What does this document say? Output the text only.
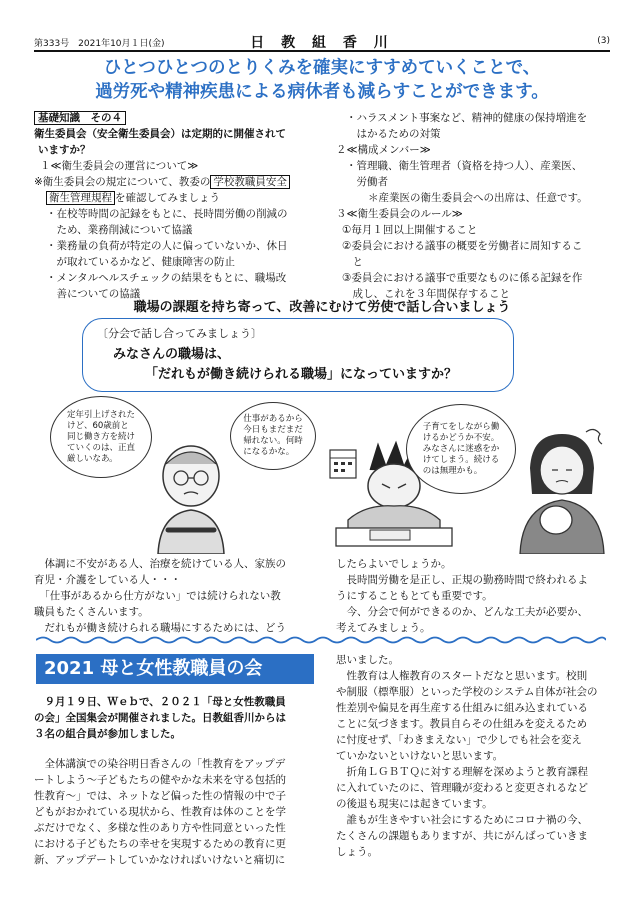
第333号　2021年10月１日(金)	日 教 組 香 川	(3)
ひとつひとつのとりくみを確実にすすめていくことで、
過労死や精神疾患による病休者も減らすことができます。
基礎知識　その４
衛生委員会（安全衛生委員会）は定期的に開催されて
いますか？
１≪衛生委員会の運営について≫
※衛生委員会の規定について、教委の 学校教職員安全
衛生管理規程 を確認してみましょう
・在校等時間の記録をもとに、長時間労働の削減の
　ため、業務削減について協議
・業務量の負荷が特定の人に偏っていないか、休日
　が取れているかなど、健康障害の防止
・メンタルヘルスチェックの結果をもとに、職場改
　善についての協議
・ハラスメント事案など、精神的健康の保持増進を
　はかるための対策
２≪構成メンバー≫
・管理職、衛生管理者（資格を持つ人）、産業医、
　労働者
＊産業医の衛生委員会への出席は、任意です。
３≪衛生委員会のルール≫
①毎月１回以上開催すること
②委員会における議事の概要を労働者に周知するこ
　と
③委員会における議事で重要なものに係る記録を作
　成し、これを３年間保存すること
職場の課題を持ち寄って、改善にむけて労使で話し合いましょう
〔分会で話し合ってみましょう〕
みなさんの職場は、
「だれもが働き続けられる職場」になっていますか？
定年引上げされた
けど、60歳前と
同じ働き方を続け
ていくのは、正直
厳しいなあ。
仕事があるから
今日もまだまだ
帰れない。何時
になるかな。
子育てをしながら働
けるかどうか不安。
みなさんに迷惑をか
けてしまう。続ける
のは無理かも。
　体調に不安がある人、治療を続けている人、家族の
育児・介護をしている人・・・
　「仕事があるから仕方がない」では続けられない教
職員もたくさんいます。
　だれもが働き続けられる職場にするためには、どう
したらよいでしょうか。
　長時間労働を是正し、正規の勤務時間で終われるよ
うにすることもとても重要です。
　今、分会で何ができるのか、どんな工夫が必要か、
考えてみましょう。
2021 母と女性教職員の会
　９月１９日、Ｗｅｂで、２０２１「母と女性教職員
の会」全国集会が開催されました。日教組香川からは
３名の組合員が参加しました。
　全体講演での染谷明日香さんの「性教育をアップデ
ートしよう～子どもたちの健やかな未来を守る包括的
性教育～」では、ネットなど偏った性の情報の中で子
どもがおかれている現状から、性教育は体のことを学
ぶだけでなく、多様な性のあり方や性同意といった性
における子どもたちの幸せを実現するための教育に更
新、アップデートしていかなければいけないと痛切に
思いました。
　性教育は人権教育のスタートだなと思います。校則
や制服（標準服）といった学校のシステム自体が社会の
性差別や偏見を再生産する仕組みに組み込まれている
ことに気づきます。教員自らその仕組みを変えるため
に忖度せず、「わきまえない」で少しでも社会を変え
ていかないといけないと思います。
　折角ＬＧＢＴＱに対する理解を深めようと教育課程
に入れていたのに、管理職が変わると変更されるなど
の後退も現実には起きています。
　誰もが生きやすい社会にするためにコロナ禍の今、
たくさんの課題もありますが、共にがんばっていきま
しょう。
